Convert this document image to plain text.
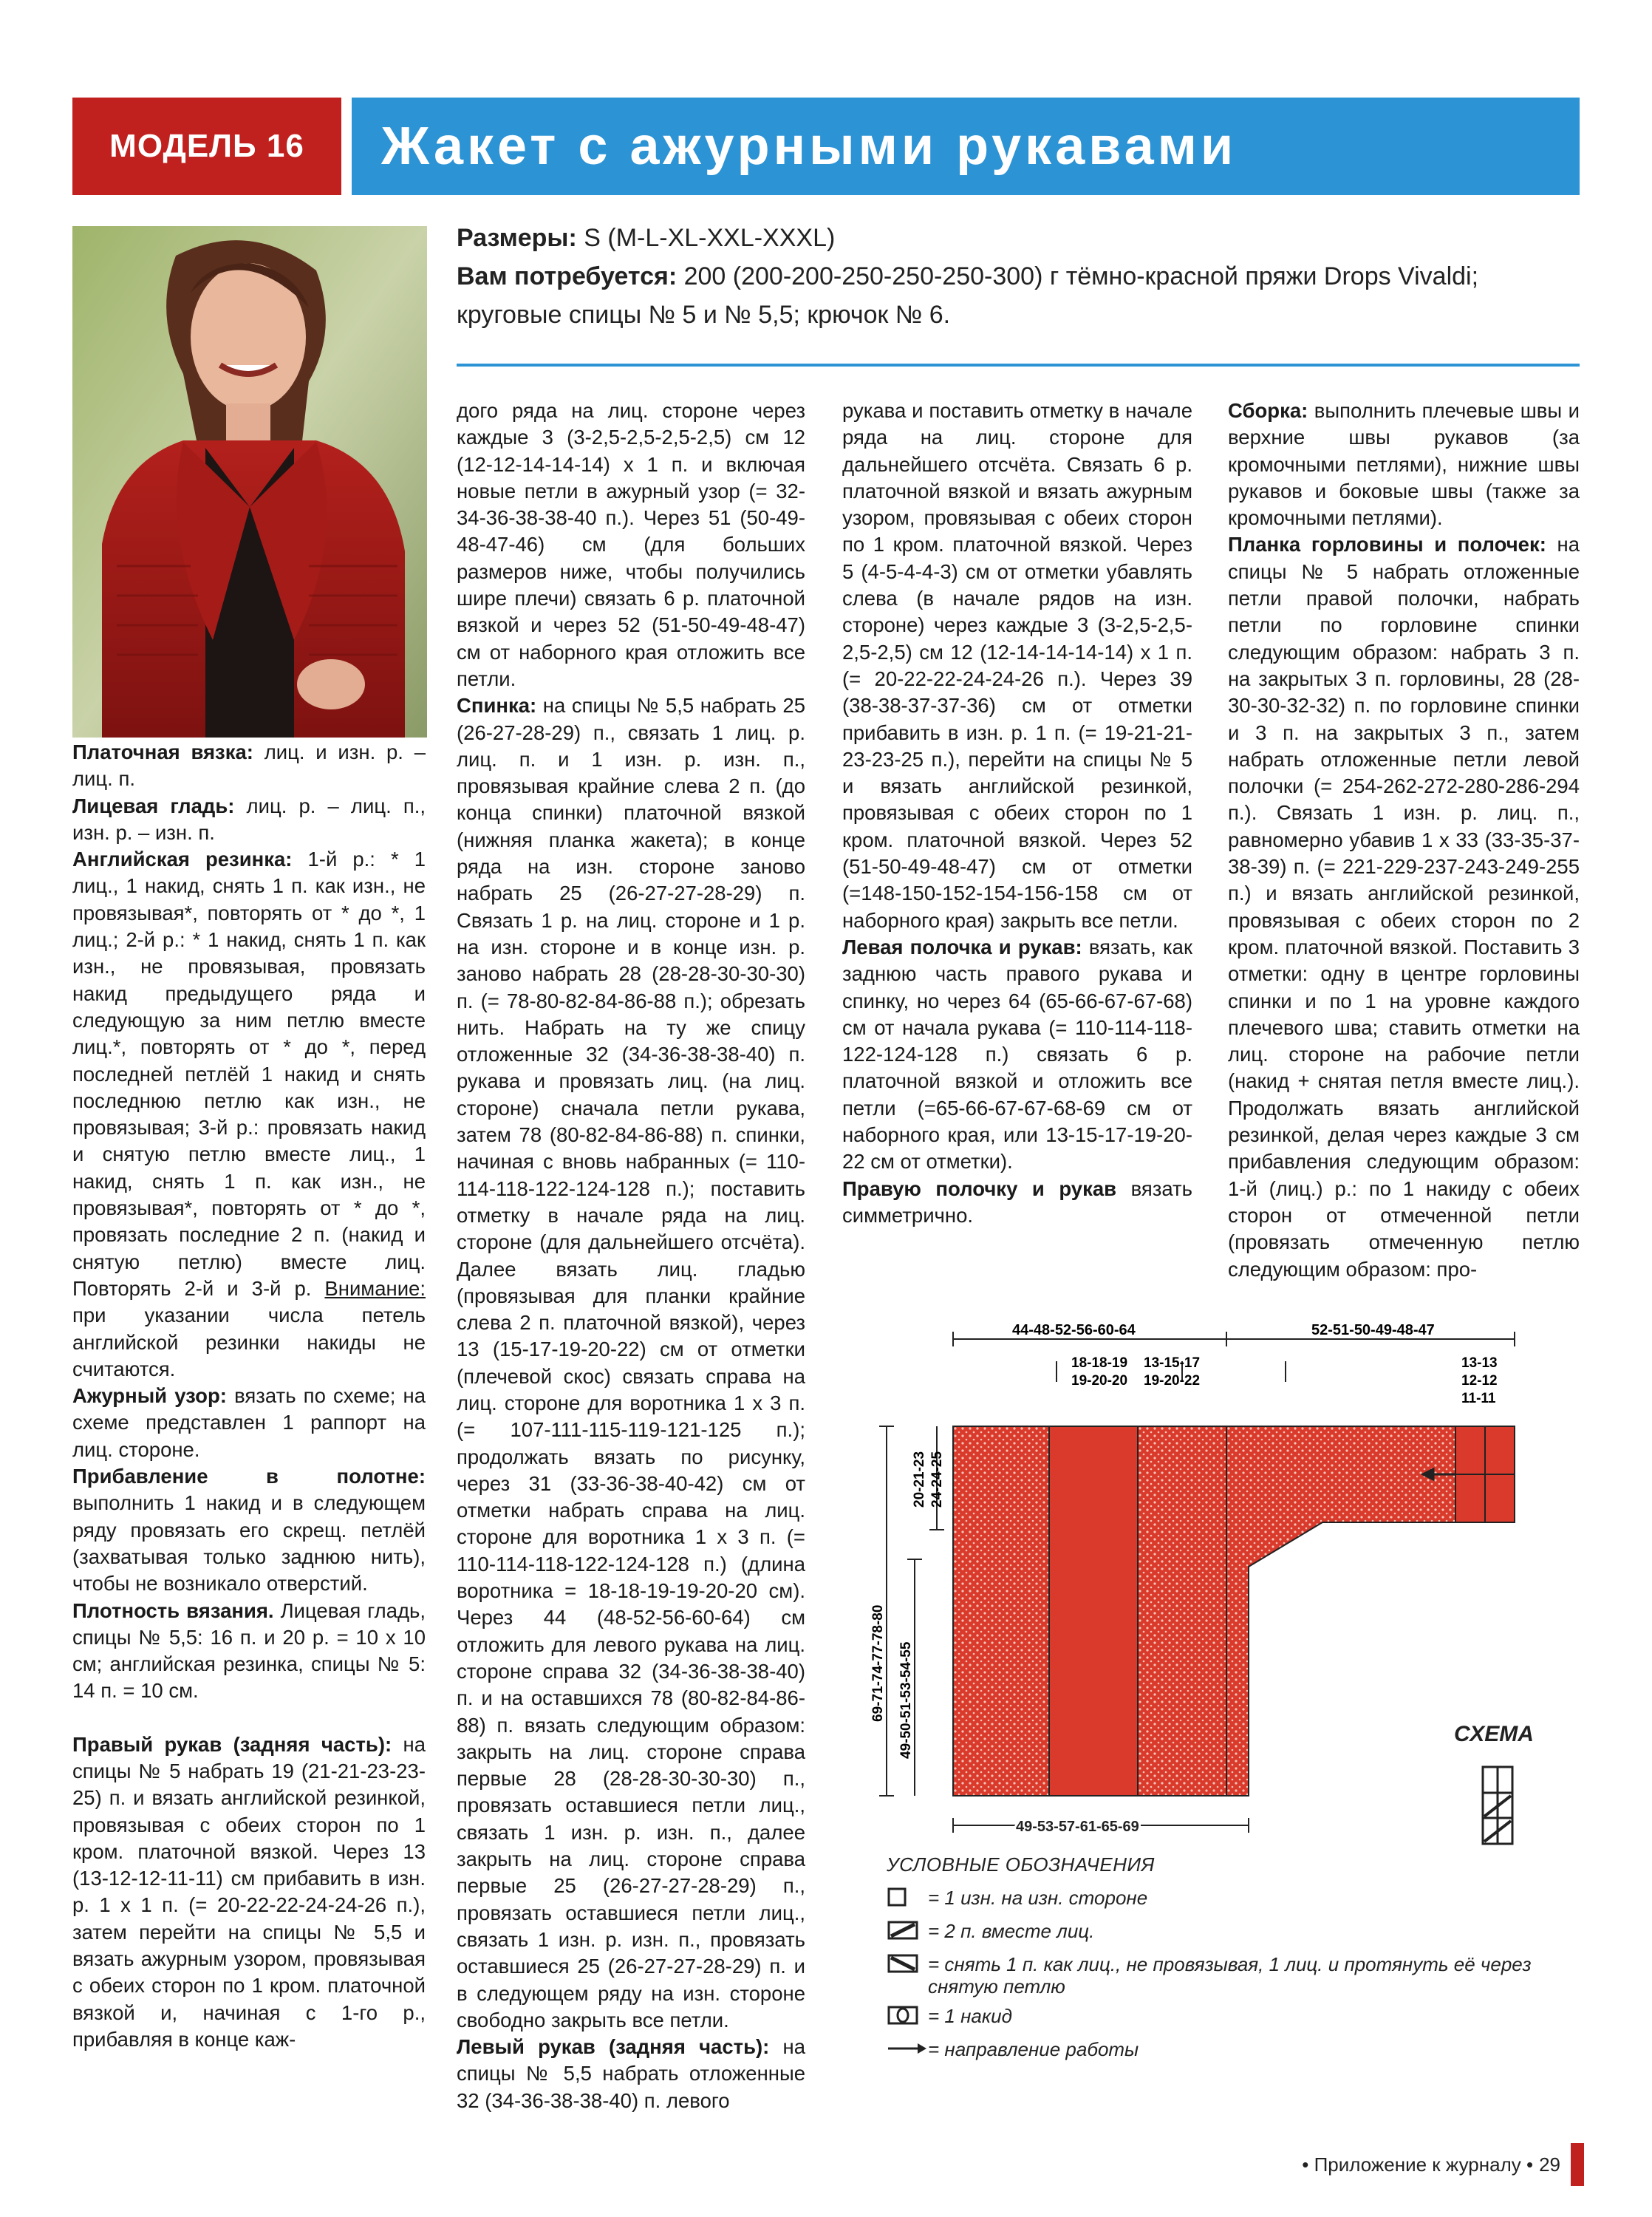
МОДЕЛЬ 16	Жакет с ажурными рукавами
Размеры: S (M-L-XL-XXL-XXXL)
Вам потребуется: 200 (200-200-250-250-250-300) г тёмно-красной пряжи Drops Vivaldi; круговые спицы № 5 и № 5,5; крючок № 6.

Платочная вязка: лиц. и изн. р. – лиц. п.

Лицевая гладь: лиц. р. – лиц. п., изн. р. – изн. п.

Английская резинка: 1-й р.: * 1 лиц., 1 накид, снять 1 п. как изн., не провязывая*, повторять от * до *, 1 лиц.; 2-й р.: * 1 накид, снять 1 п. как изн., не провязывая, провязать накид предыдущего ряда и следующую за ним петлю вместе лиц.*, повторять от * до *, перед последней петлёй 1 накид и снять последнюю петлю как изн., не провязывая; 3-й р.: провязать накид и снятую петлю вместе лиц., 1 накид, снять 1 п. как изн., не провязывая*, повторять от * до *, провязать последние 2 п. (накид и снятую петлю) вместе лиц. Повторять 2-й и 3-й р. Внимание: при указании числа петель английской резинки накиды не считаются.

Ажурный узор: вязать по схеме; на схеме представлен 1 раппорт на лиц. стороне.

Прибавление в полотне: выполнить 1 накид и в следующем ряду провязать его скрещ. петлёй (захватывая только заднюю нить), чтобы не возникало отверстий.

Плотность вязания. Лицевая гладь, спицы № 5,5: 16 п. и 20 р. = 10 х 10 см; английская резинка, спицы № 5: 14 п. = 10 см.

Правый рукав (задняя часть): на спицы № 5 набрать 19 (21-21-23-23-25) п. и вязать английской резинкой, провязывая с обеих сторон по 1 кром. платочной вязкой. Через 13 (13-12-12-11-11) см прибавить в изн. р. 1 х 1 п. (= 20-22-22-24-24-26 п.), затем перейти на спицы № 5,5 и вязать ажурным узором, провязывая с обеих сторон по 1 кром. платочной вязкой и, начиная с 1-го р., прибавляя в конце каж-

дого ряда на лиц. стороне через каждые 3 (3-2,5-2,5-2,5-2,5) см 12 (12-12-14-14-14) х 1 п. и включая новые петли в ажурный узор (= 32-34-36-38-38-40 п.). Через 51 (50-49-48-47-46) см (для больших размеров ниже, чтобы получились шире плечи) связать 6 р. платочной вязкой и через 52 (51-50-49-48-47) см от наборного края отложить все петли.

Спинка: на спицы № 5,5 набрать 25 (26-27-28-29) п., связать 1 лиц. р. лиц. п. и 1 изн. р. изн. п., провязывая крайние слева 2 п. (до конца спинки) платочной вязкой (нижняя планка жакета); в конце ряда на изн. стороне заново набрать 25 (26-27-27-28-29) п. Связать 1 р. на лиц. стороне и 1 р. на изн. стороне и в конце изн. р. заново набрать 28 (28-28-30-30-30) п. (= 78-80-82-84-86-88 п.); обрезать нить. Набрать на ту же спицу отложенные 32 (34-36-38-38-40) п. рукава и провязать лиц. (на лиц. стороне) сначала петли рукава, затем 78 (80-82-84-86-88) п. спинки, начиная с вновь набранных (= 110-114-118-122-124-128 п.); поставить отметку в начале ряда на лиц. стороне (для дальнейшего отсчёта). Далее вязать лиц. гладью (провязывая для планки крайние слева 2 п. платочной вязкой), через 13 (15-17-19-20-22) см от отметки (плечевой скос) связать справа на лиц. стороне для воротника 1 х 3 п. (= 107-111-115-119-121-125 п.); продолжать вязать по рисунку, через 31 (33-36-38-40-42) см от отметки набрать справа на лиц. стороне для воротника 1 х 3 п. (= 110-114-118-122-124-128 п.) (длина воротника = 18-18-19-19-20-20 см). Через 44 (48-52-56-60-64) см отложить для левого рукава на лиц. стороне справа 32 (34-36-38-38-40) п. и на оставшихся 78 (80-82-84-86-88) п. вязать следующим образом: закрыть на лиц. стороне справа первые 28 (28-28-30-30-30) п., провязать оставшиеся петли лиц., связать 1 изн. р. изн. п., далее закрыть на лиц. стороне справа первые 25 (26-27-27-28-29) п., провязать оставшиеся петли лиц., связать 1 изн. р. изн. п., провязать оставшиеся 25 (26-27-27-28-29) п. и в следующем ряду на изн. стороне свободно закрыть все петли.

Левый рукав (задняя часть): на спицы № 5,5 набрать отложенные 32 (34-36-38-38-40) п. левого

рукава и поставить отметку в начале ряда на лиц. стороне для дальнейшего отсчёта. Связать 6 р. платочной вязкой и вязать ажурным узором, провязывая с обеих сторон по 1 кром. платочной вязкой. Через 5 (4-5-4-4-3) см от отметки убавлять слева (в начале рядов на изн. стороне) через каждые 3 (3-2,5-2,5-2,5-2,5) см 12 (12-14-14-14-14) х 1 п. (= 20-22-22-24-24-26 п.). Через 39 (38-38-37-37-36) см от отметки прибавить в изн. р. 1 п. (= 19-21-21-23-23-25 п.), перейти на спицы № 5 и вязать английской резинкой, провязывая с обеих сторон по 1 кром. платочной вязкой. Через 52 (51-50-49-48-47) см от отметки (=148-150-152-154-156-158 см от наборного края) закрыть все петли.

Левая полочка и рукав: вязать, как заднюю часть правого рукава и спинку, но через 64 (65-66-67-67-68) см от начала рукава (= 110-114-118-122-124-128 п.) связать 6 р. платочной вязкой и отложить все петли (=65-66-67-67-68-69 см от наборного края, или 13-15-17-19-20-22 см от отметки).

Правую полочку и рукав вязать симметрично.

Сборка: выполнить плечевые швы и верхние швы рукавов (за кромочными петлями), нижние швы рукавов и боковые швы (также за кромочными петлями).

Планка горловины и полочек: на спицы № 5 набрать отложенные петли правой полочки, набрать петли по горловине спинки следующим образом: набрать 3 п. на закрытых 3 п. горловины, 28 (28-30-30-32-32) п. по горловине спинки и 3 п. на закрытых 3 п., затем набрать отложенные петли левой полочки (= 254-262-272-280-286-294 п.). Связать 1 изн. р. лиц. п., равномерно убавив 1 х 33 (33-35-37-38-39) п. (= 221-229-237-243-249-255 п.) и вязать английской резинкой, провязывая с обеих сторон по 2 кром. платочной вязкой. Поставить 3 отметки: одну в центре горловины спинки и по 1 на уровне каждого плечевого шва; ставить отметки на лиц. стороне на рабочие петли (накид + снятая петля вместе лиц.). Продолжать вязать английской резинкой, делая через каждые 3 см прибавления следующим образом: 1-й (лиц.) р.: по 1 накиду с обеих сторон от отмеченной петли (провязать отмеченную петлю следующим образом: про-

44-48-52-56-60-64	52-51-50-49-48-47
18-18-19
19-20-20
13-15-17
19-20-22
13-13
12-12
11-11
69-71-74-77-78-80 49-50-51-53-54-55
20-21-23 24-24-25
49-53-57-61-65-69
СХЕМА
УСЛОВНЫЕ ОБОЗНАЧЕНИЯ
= 1 изн. на изн. стороне
= 2 п. вместе лиц.
= снять 1 п. как лиц., не провязывая, 1 лиц. и протянуть её через снятую петлю
= 1 накид
= направление работы
• Приложение к журналу • 29
